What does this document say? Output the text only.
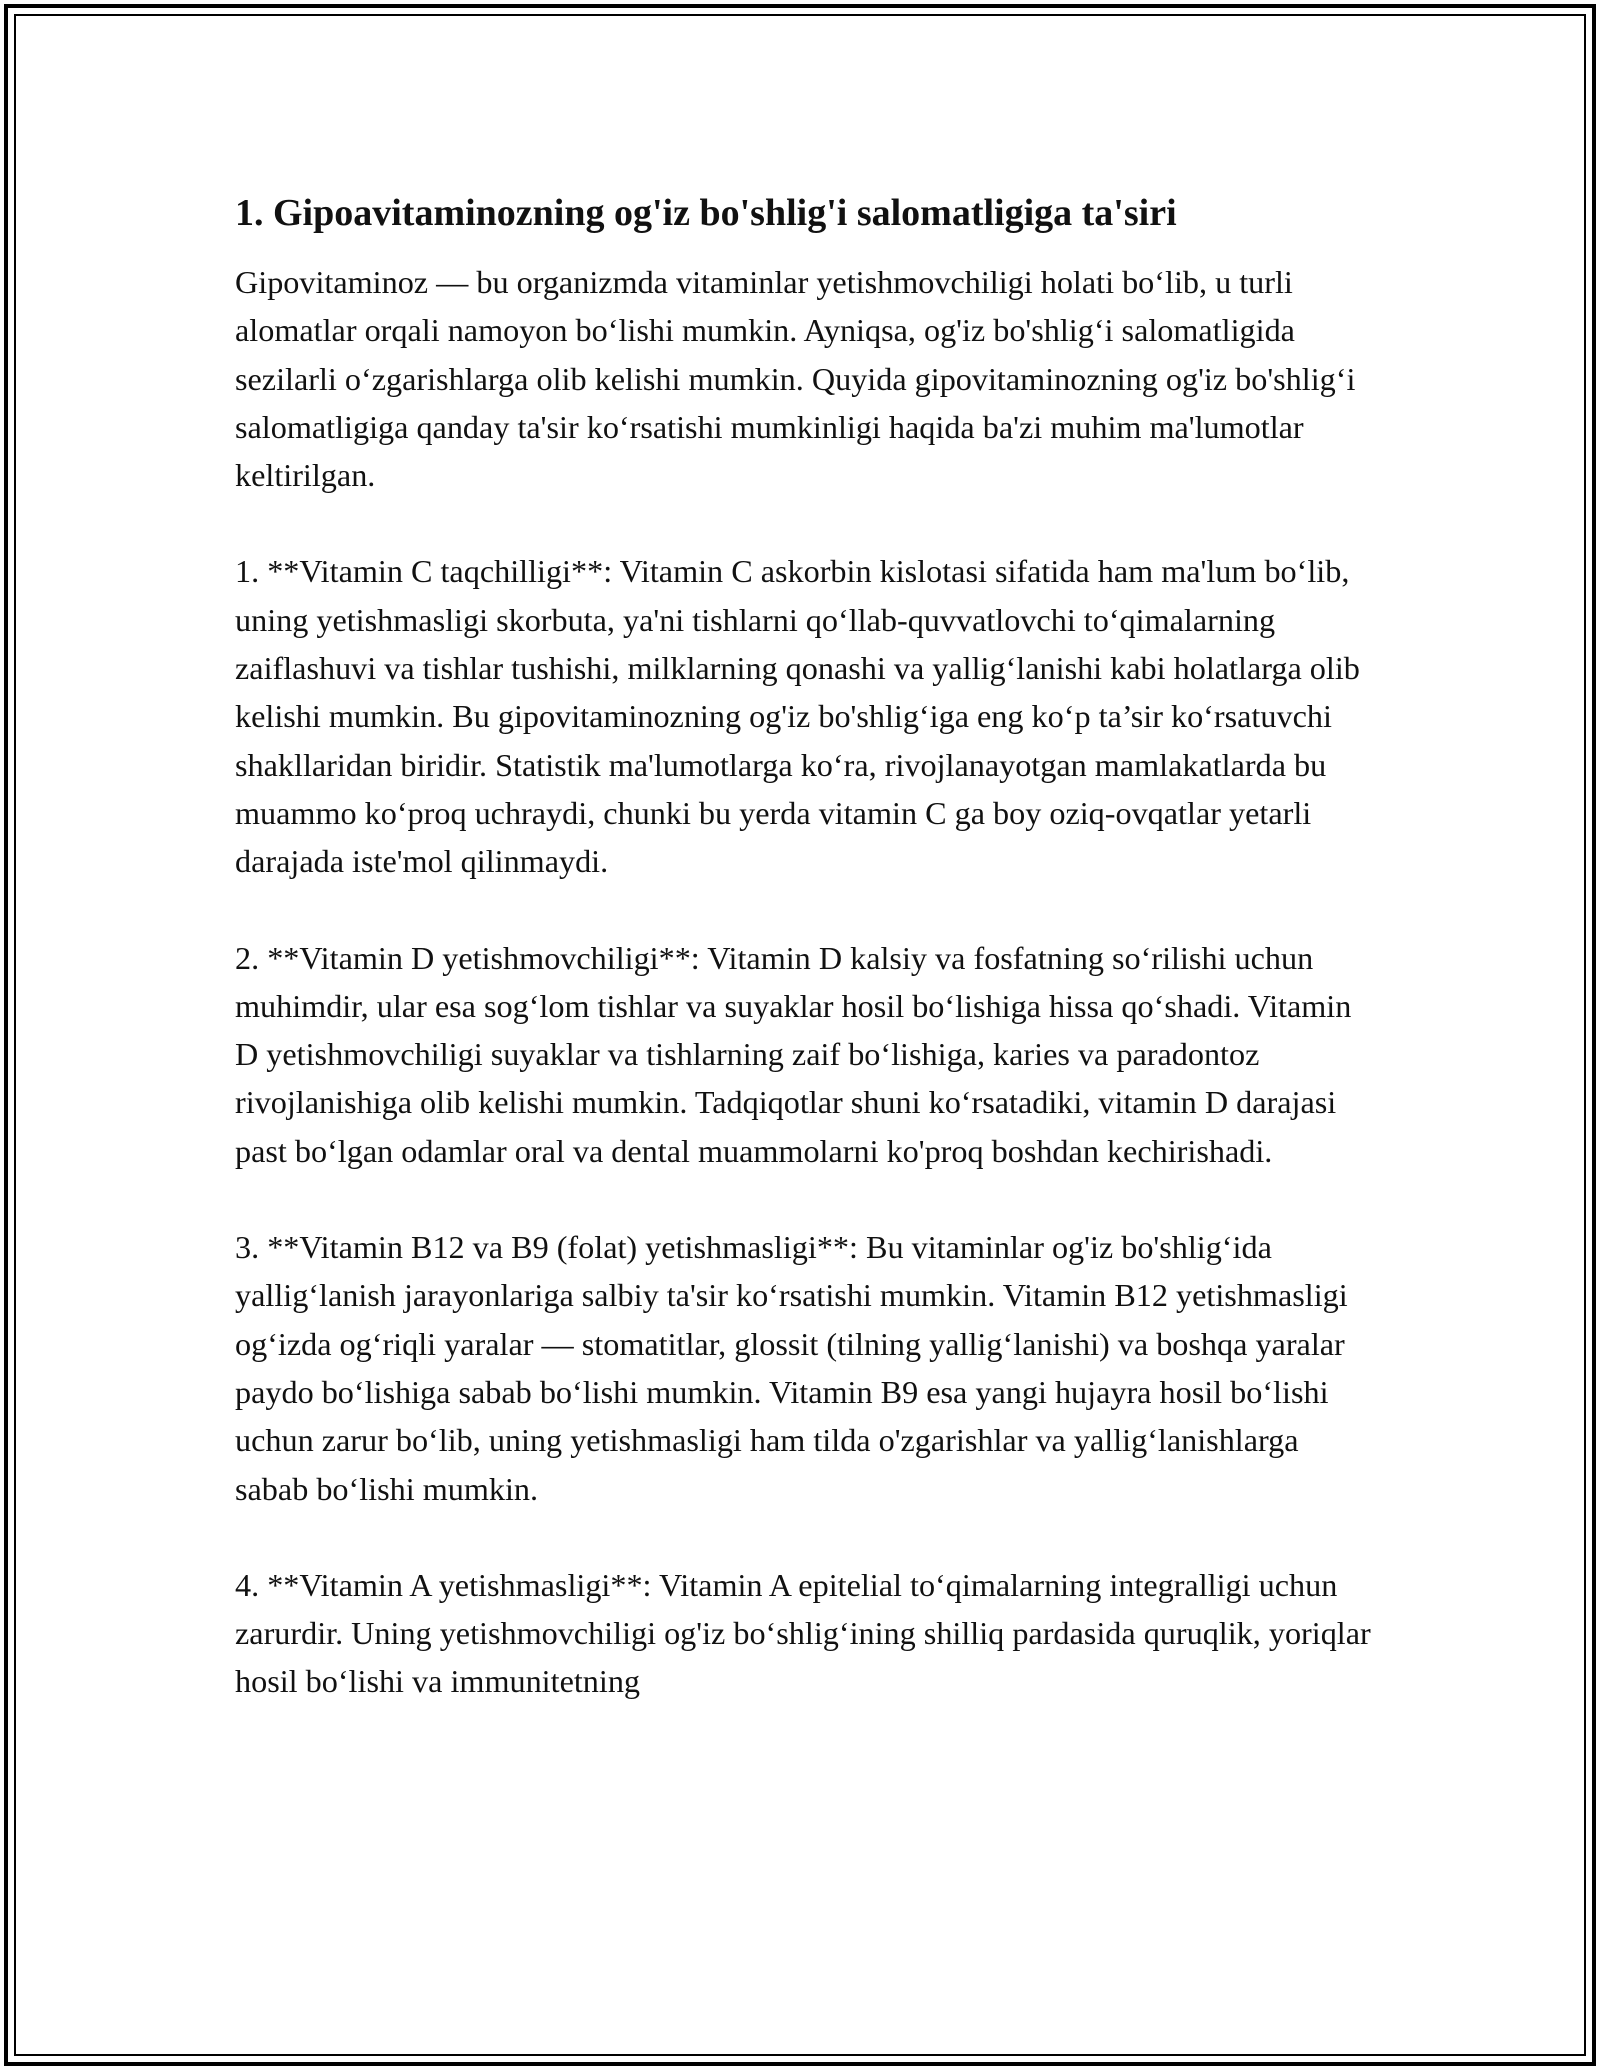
1. Gipoavitaminozning og'iz bo'shlig'i salomatligiga ta'siri
Gipovitaminoz — bu organizmda vitaminlar yetishmovchiligi holati bo‘lib, u turli alomatlar orqali namoyon bo‘lishi mumkin. Ayniqsa, og'iz bo'shlig‘i salomatligida sezilarli o‘zgarishlarga olib kelishi mumkin. Quyida gipovitaminozning og'iz bo'shlig‘i salomatligiga qanday ta'sir ko‘rsatishi mumkinligi haqida ba'zi muhim ma'lumotlar keltirilgan.
1. **Vitamin C taqchilligi**: Vitamin C askorbin kislotasi sifatida ham ma'lum bo‘lib, uning yetishmasligi skorbuta, ya'ni tishlarni qo‘llab-quvvatlovchi to‘qimalarning zaiflashuvi va tishlar tushishi, milklarning qonashi va yallig‘lanishi kabi holatlarga olib kelishi mumkin. Bu gipovitaminozning og'iz bo'shlig‘iga eng ko‘p ta’sir ko‘rsatuvchi shakllaridan biridir. Statistik ma'lumotlarga ko‘ra, rivojlanayotgan mamlakatlarda bu muammo ko‘proq uchraydi, chunki bu yerda vitamin C ga boy oziq-ovqatlar yetarli darajada iste'mol qilinmaydi.
2. **Vitamin D yetishmovchiligi**: Vitamin D kalsiy va fosfatning so‘rilishi uchun muhimdir, ular esa sog‘lom tishlar va suyaklar hosil bo‘lishiga hissa qo‘shadi. Vitamin D yetishmovchiligi suyaklar va tishlarning zaif bo‘lishiga, karies va paradontoz rivojlanishiga olib kelishi mumkin. Tadqiqotlar shuni ko‘rsatadiki, vitamin D darajasi past bo‘lgan odamlar oral va dental muammolarni ko'proq boshdan kechirishadi.
3. **Vitamin B12 va B9 (folat) yetishmasligi**: Bu vitaminlar og'iz bo'shlig‘ida yallig‘lanish jarayonlariga salbiy ta'sir ko‘rsatishi mumkin. Vitamin B12 yetishmasligi og‘izda og‘riqli yaralar — stomatitlar, glossit (tilning yallig‘lanishi) va boshqa yaralar paydo bo‘lishiga sabab bo‘lishi mumkin. Vitamin B9 esa yangi hujayra hosil bo‘lishi uchun zarur bo‘lib, uning yetishmasligi ham tilda o'zgarishlar va yallig‘lanishlarga sabab bo‘lishi mumkin.
4. **Vitamin A yetishmasligi**: Vitamin A epitelial to‘qimalarning integralligi uchun zarurdir. Uning yetishmovchiligi og'iz bo‘shlig‘ining shilliq pardasida quruqlik, yoriqlar hosil bo‘lishi va immunitetning
